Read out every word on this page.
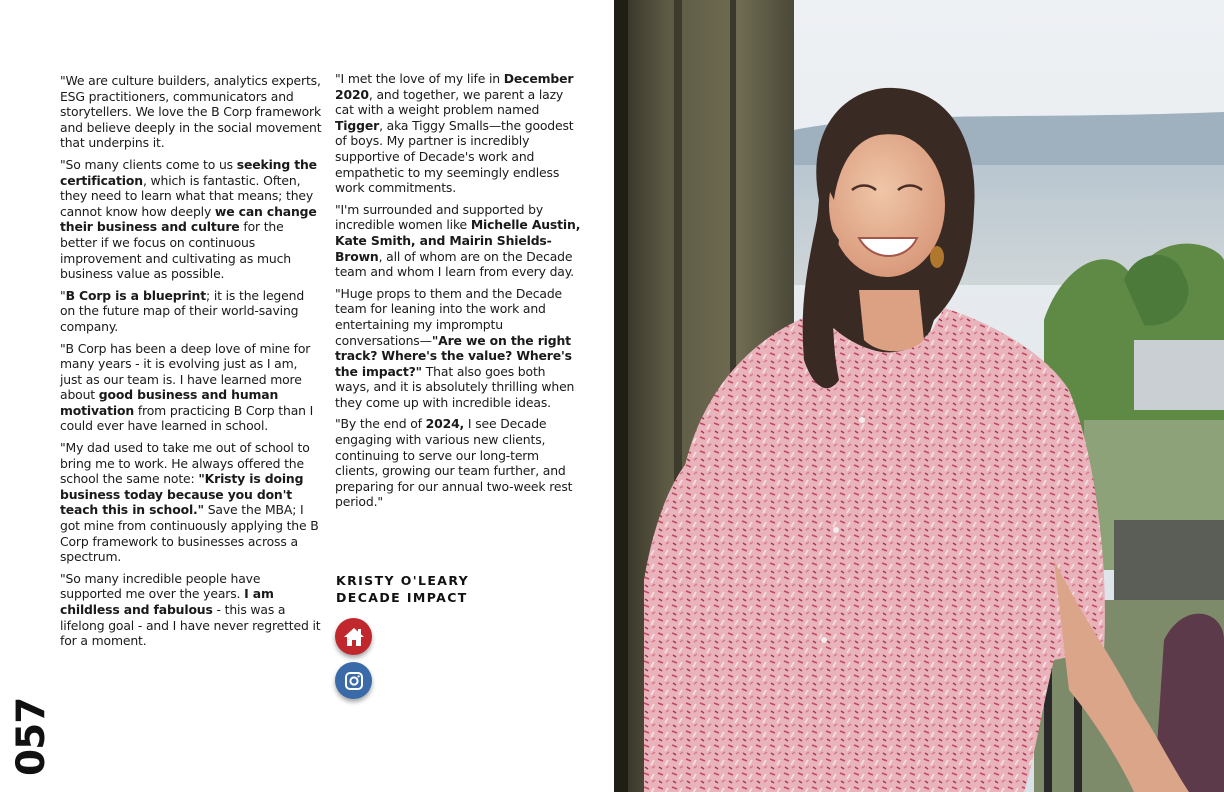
"We are culture builders, analytics experts, ESG practitioners, communicators and storytellers. We love the B Corp framework and believe deeply in the social movement that underpins it.

"So many clients come to us seeking the certification, which is fantastic. Often, they need to learn what that means; they cannot know how deeply we can change their business and culture for the better if we focus on continuous improvement and cultivating as much business value as possible.

"B Corp is a blueprint; it is the legend on the future map of their world-saving company.

"B Corp has been a deep love of mine for many years - it is evolving just as I am, just as our team is. I have learned more about good business and human motivation from practicing B Corp than I could ever have learned in school.

"My dad used to take me out of school to bring me to work. He always offered the school the same note: "Kristy is doing business today because you don't teach this in school." Save the MBA; I got mine from continuously applying the B Corp framework to businesses across a spectrum.

"So many incredible people have supported me over the years. I am childless and fabulous - this was a lifelong goal - and I have never regretted it for a moment.

"I met the love of my life in December 2020, and together, we parent a lazy cat with a weight problem named Tigger, aka Tiggy Smalls—the goodest of boys. My partner is incredibly supportive of Decade's work and empathetic to my seemingly endless work commitments.

"I'm surrounded and supported by incredible women like Michelle Austin, Kate Smith, and Mairin Shields-Brown, all of whom are on the Decade team and whom I learn from every day.

"Huge props to them and the Decade team for leaning into the work and entertaining my impromptu conversations—"Are we on the right track? Where's the value? Where's the impact?" That also goes both ways, and it is absolutely thrilling when they come up with incredible ideas.

"By the end of 2024, I see Decade engaging with various new clients, continuing to serve our long-term clients, growing our team further, and preparing for our annual two-week rest period."

KRISTY O'LEARY
DECADE IMPACT
057
